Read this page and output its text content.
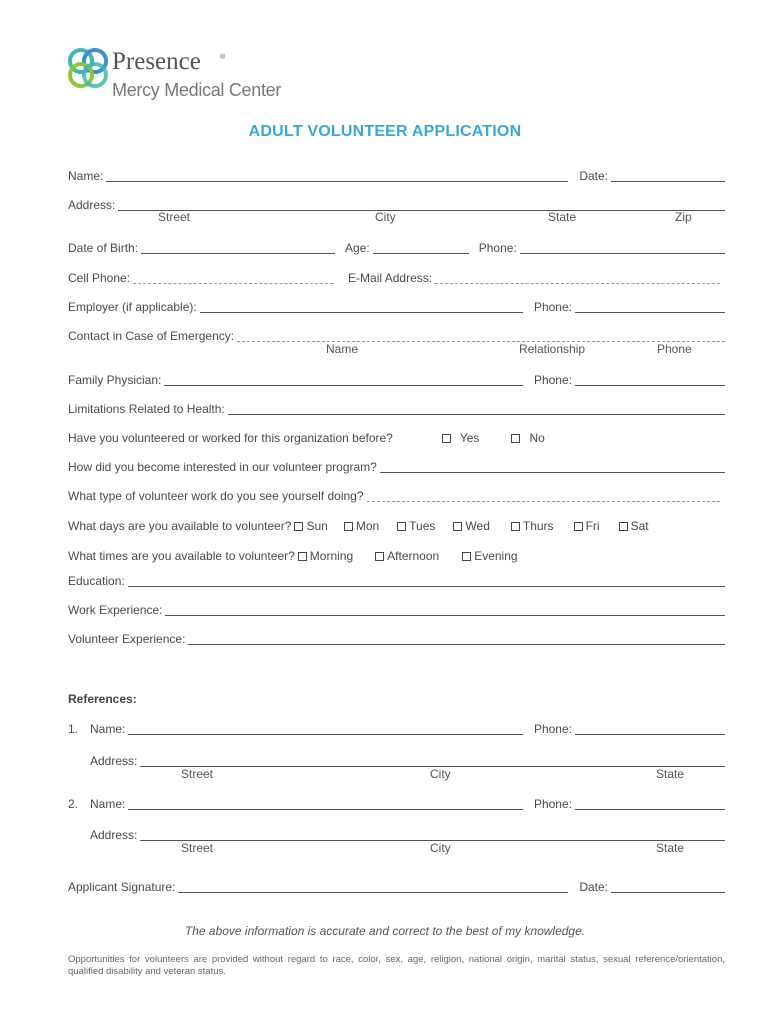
Presence	®
Mercy Medical Center
ADULT VOLUNTEER APPLICATION
Name:	Date:
Address:
Street	City	State	Zip
Date of Birth:	Age:	Phone:
Cell Phone:	E-Mail Address:
Employer (if applicable):	Phone:
Contact in Case of Emergency:
Name	Relationship	Phone
Family Physician:	Phone:
Limitations Related to Health:
Have you volunteered or worked for this organization before?	Yes	No
How did you become interested in our volunteer program?
What type of volunteer work do you see yourself doing?
What days are you available to volunteer? Sun Mon	Tues	Wed	Thurs	Fri	Sat
What times are you available to volunteer? Morning	Afternoon	Evening
Education:
Work Experience:
Volunteer Experience:
References:
1. Name:	Phone:
Address:
Street	City	State
2. Name:	Phone:
Address:
Street	City	State
Applicant Signature:	Date:
The above information is accurate and correct to the best of my knowledge.
Opportunities for volunteers are provided without regard to race, color, sex, age, religion, national origin, marital status, sexual reference/orientation, qualified disability and veteran status.
